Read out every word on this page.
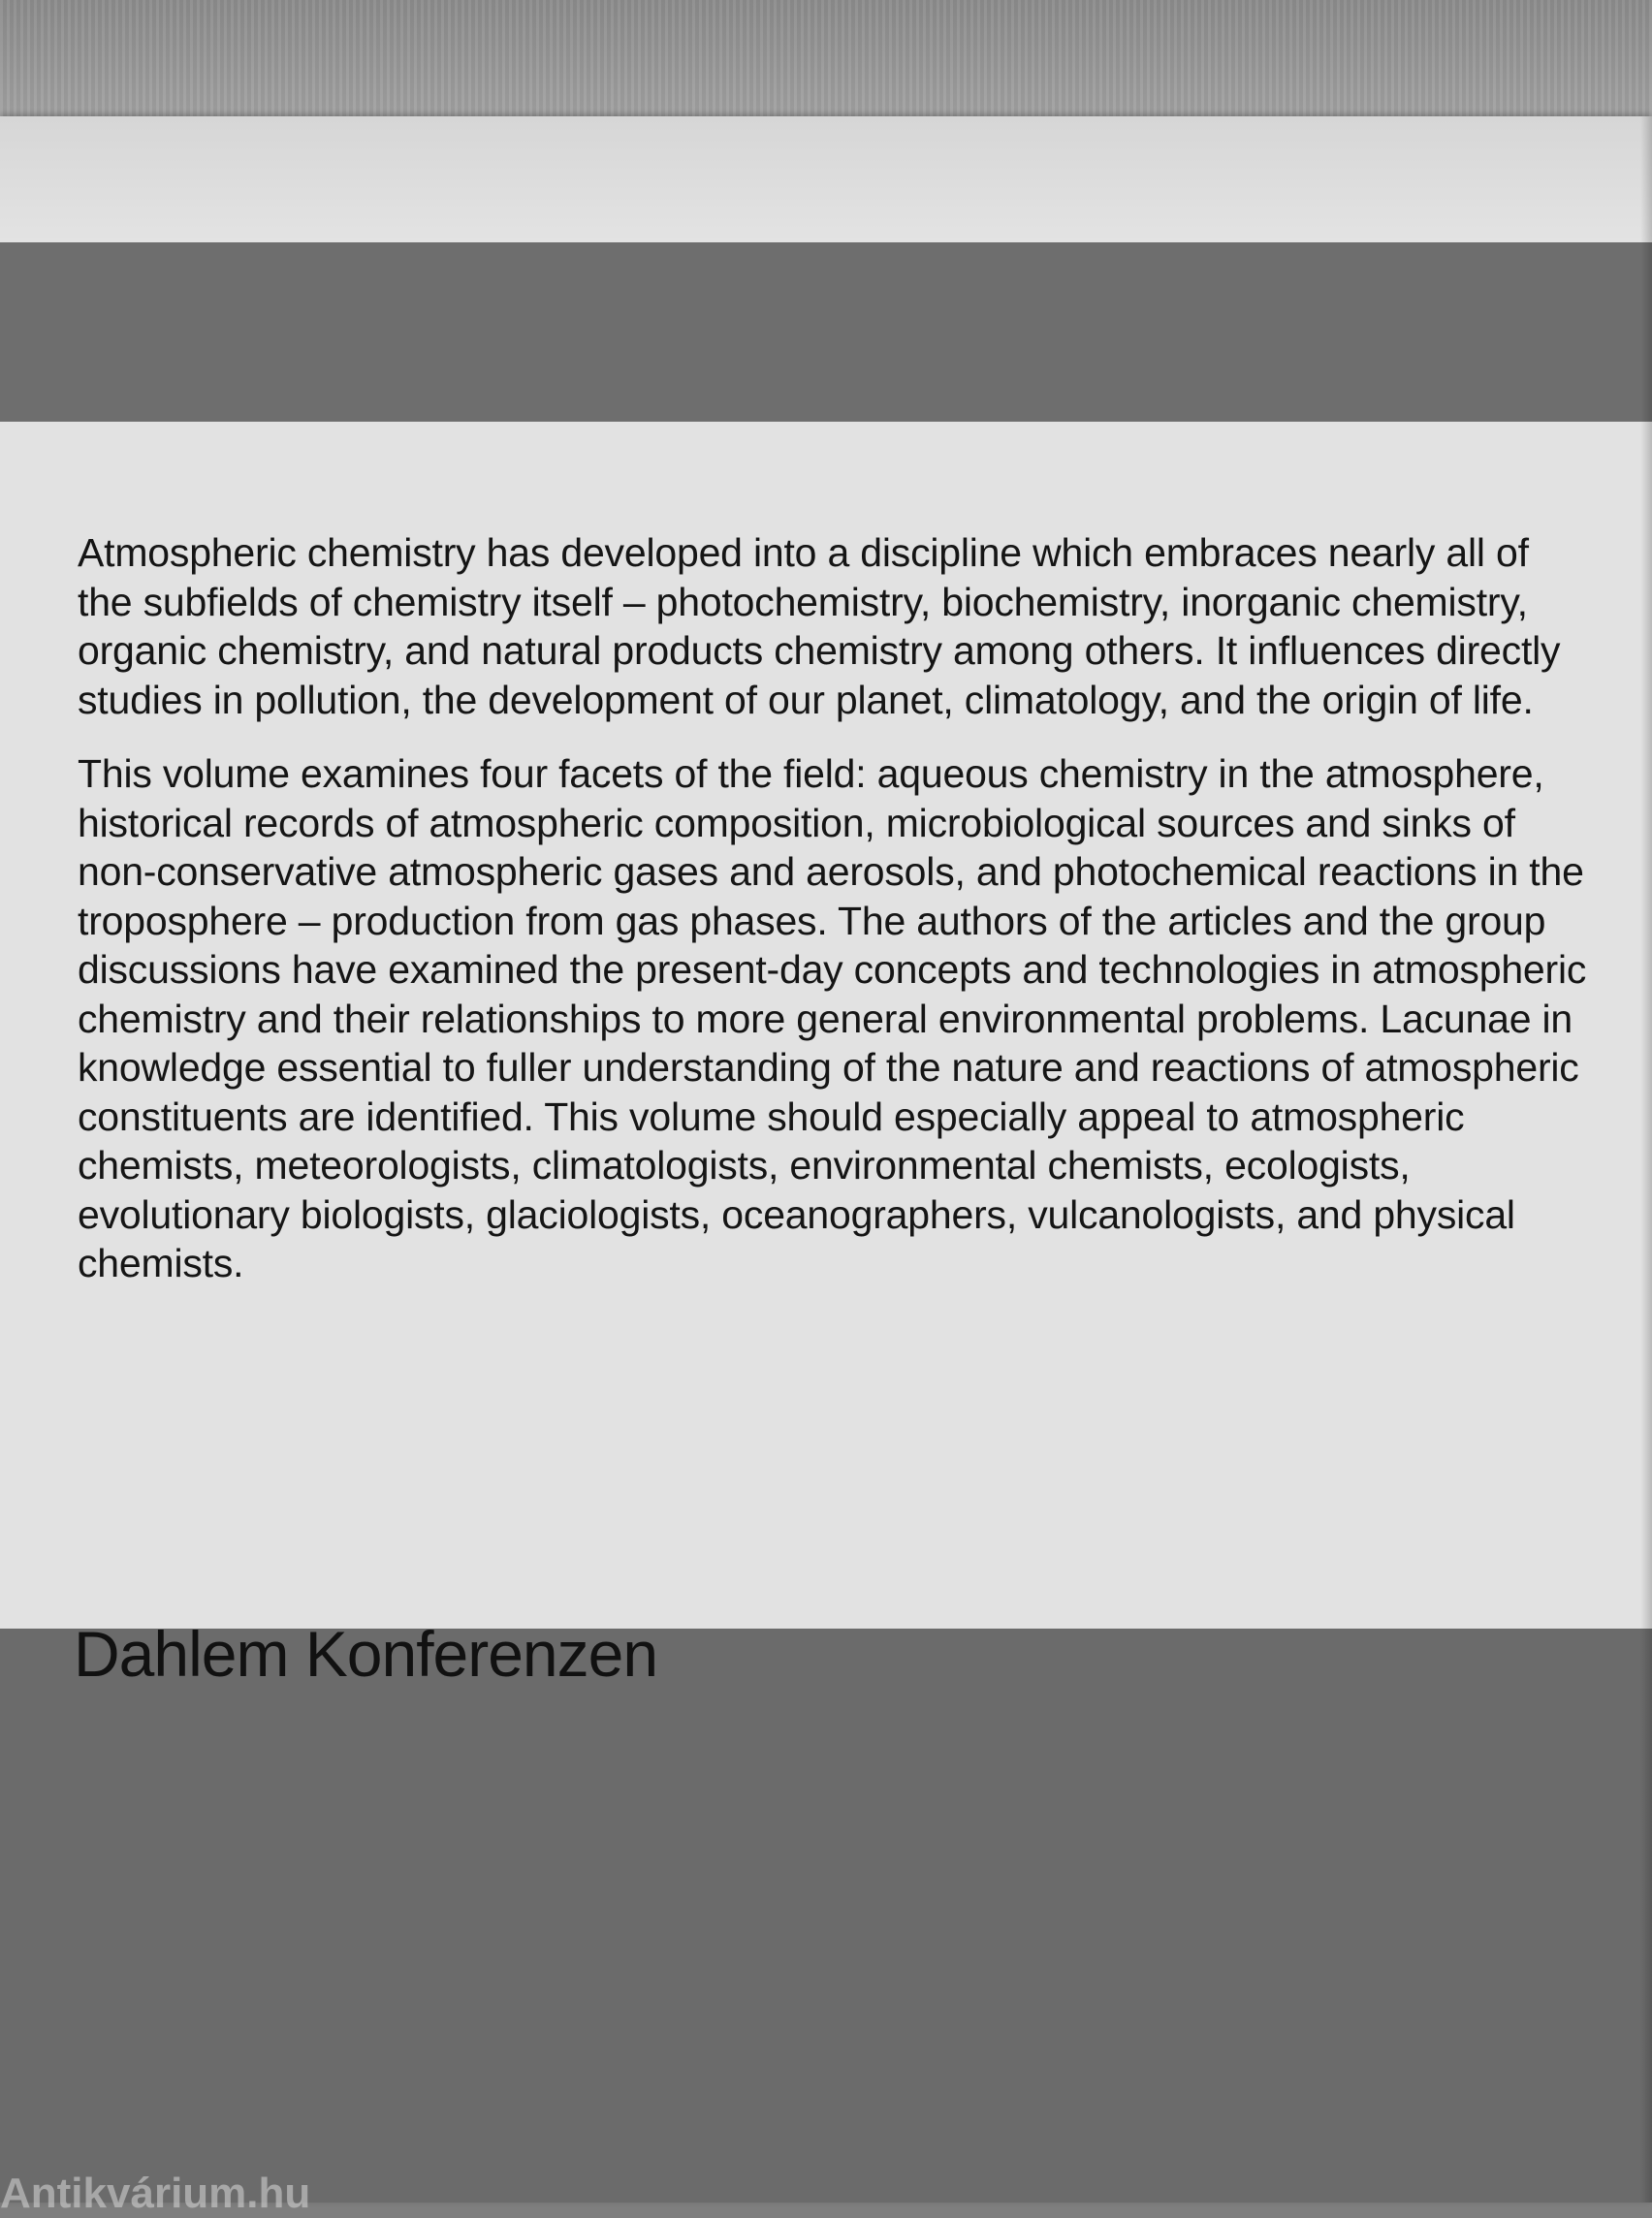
Atmospheric chemistry has developed into a discipline which embraces nearly all of the subfields of chemistry itself – photochemistry, biochemistry, inorganic chemistry, organic chemistry, and natural products chemistry among others. It influences directly studies in pollution, the development of our planet, climatology, and the origin of life.

This volume examines four facets of the field: aqueous chemistry in the atmosphere, historical records of atmospheric composition, microbiological sources and sinks of non-conservative atmospheric gases and aerosols, and photochemical reactions in the troposphere – production from gas phases. The authors of the articles and the group discussions have examined the present-day concepts and technologies in atmospheric chemistry and their relationships to more general environmental problems. Lacunae in knowledge essential to fuller understanding of the nature and reactions of atmospheric constituents are identified. This volume should especially appeal to atmospheric chemists, meteorologists, climatologists, environmental chemists, ecologists, evolutionary biologists, glaciologists, oceanographers, vulcanologists, and physical chemists.

Dahlem Konferenzen
Antikvárium.hu
